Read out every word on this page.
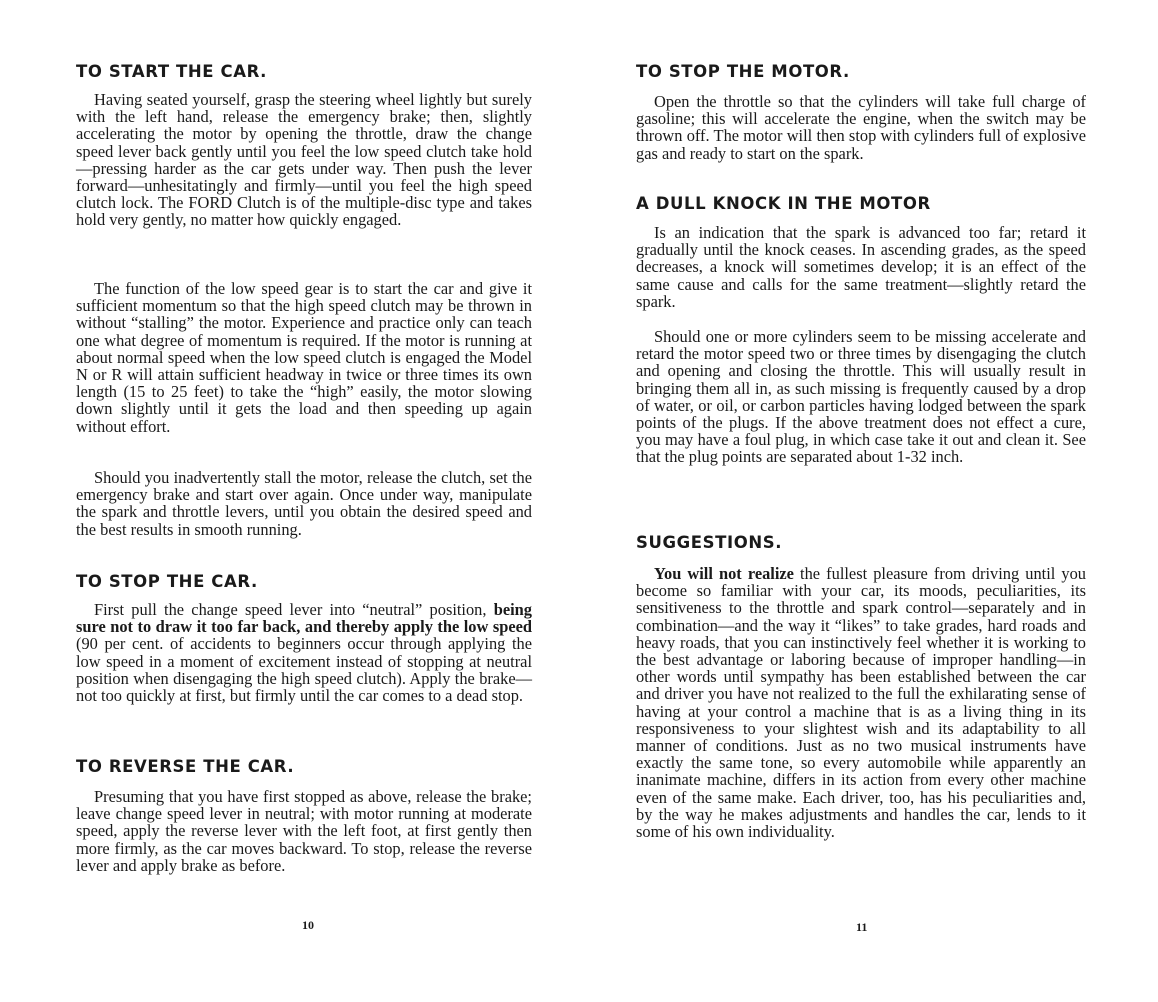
TO START THE CAR.

Having seated yourself, grasp the steering wheel lightly but surely with the left hand, release the emergency brake; then, slightly accelerating the motor by opening the throttle, draw the change speed lever back gently until you feel the low speed clutch take hold—pressing harder as the car gets under way. Then push the lever forward—unhesitatingly and firmly—until you feel the high speed clutch lock. The FORD Clutch is of the multiple-disc type and takes hold very gently, no matter how quickly engaged.

The function of the low speed gear is to start the car and give it sufficient momentum so that the high speed clutch may be thrown in without “stalling” the motor. Experience and practice only can teach one what degree of momentum is required. If the motor is running at about normal speed when the low speed clutch is engaged the Model N or R will attain sufficient headway in twice or three times its own length (15 to 25 feet) to take the “high” easily, the motor slowing down slightly until it gets the load and then speeding up again without effort.

Should you inadvertently stall the motor, release the clutch, set the emergency brake and start over again. Once under way, manipulate the spark and throttle levers, until you obtain the desired speed and the best results in smooth running.

TO STOP THE CAR.

First pull the change speed lever into “neutral” position, being sure not to draw it too far back, and thereby apply the low speed (90 per cent. of accidents to beginners occur through applying the low speed in a moment of excitement instead of stopping at neutral position when disengaging the high speed clutch). Apply the brake—not too quickly at first, but firmly until the car comes to a dead stop.

TO REVERSE THE CAR.

Presuming that you have first stopped as above, release the brake; leave change speed lever in neutral; with motor running at moderate speed, apply the reverse lever with the left foot, at first gently then more firmly, as the car moves backward. To stop, release the reverse lever and apply brake as before.

10
TO STOP THE MOTOR.

Open the throttle so that the cylinders will take full charge of gasoline; this will accelerate the engine, when the switch may be thrown off. The motor will then stop with cylinders full of explosive gas and ready to start on the spark.

A DULL KNOCK IN THE MOTOR

Is an indication that the spark is advanced too far; retard it gradually until the knock ceases. In ascending grades, as the speed decreases, a knock will sometimes develop; it is an effect of the same cause and calls for the same treatment—slightly retard the spark.

Should one or more cylinders seem to be missing accelerate and retard the motor speed two or three times by disengaging the clutch and opening and closing the throttle. This will usually result in bringing them all in, as such missing is frequently caused by a drop of water, or oil, or carbon particles having lodged between the spark points of the plugs. If the above treatment does not effect a cure, you may have a foul plug, in which case take it out and clean it. See that the plug points are separated about 1-32 inch.

SUGGESTIONS.

You will not realize the fullest pleasure from driving until you become so familiar with your car, its moods, peculiarities, its sensitiveness to the throttle and spark control—separately and in combination—and the way it “likes” to take grades, hard roads and heavy roads, that you can instinctively feel whether it is working to the best advantage or laboring because of improper handling—in other words until sympathy has been established between the car and driver you have not realized to the full the exhilarating sense of having at your control a machine that is as a living thing in its responsiveness to your slightest wish and its adaptability to all manner of conditions. Just as no two musical instruments have exactly the same tone, so every automobile while apparently an inanimate machine, differs in its action from every other machine even of the same make. Each driver, too, has his peculiarities and, by the way he makes adjustments and handles the car, lends to it some of his own individuality.

11
